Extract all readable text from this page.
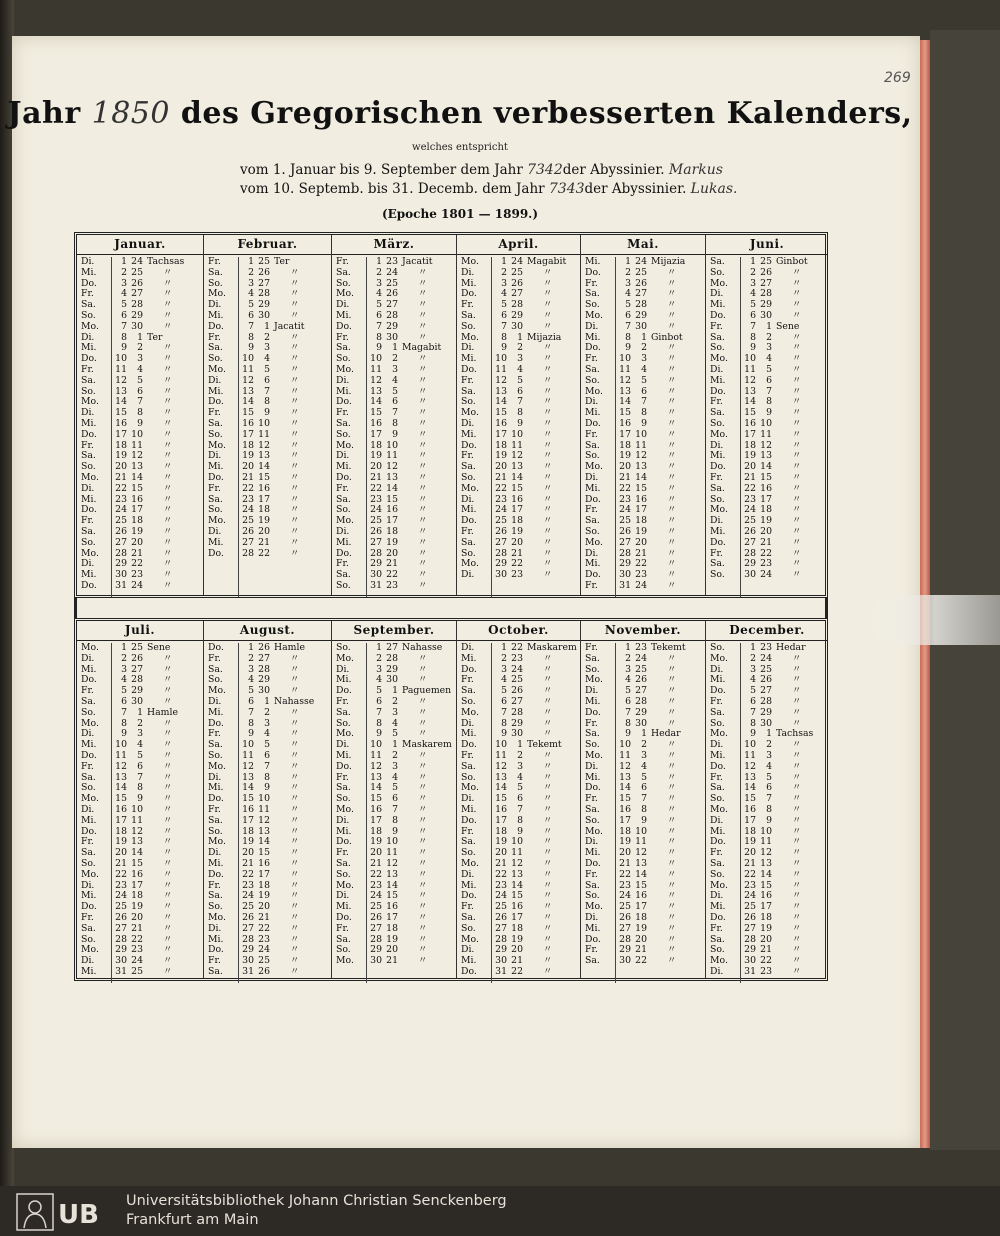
269
Jahr 1850 des Gregorischen verbesserten Kalenders,
welches entspricht
vom 1. Januar bis 9. September dem Jahr 7342der Abyssinier. Markus
vom 10. Septemb. bis 31. Decemb. dem Jahr 7343der Abyssinier. Lukas.
(Epoche 1801 — 1899.)
Januar.
Di.	1 24 Tachsas
Mi.	2 25 〃
Do.	3 26 〃
Fr.	4 27 〃
Sa.	5 28 〃
So.	6 29 〃
Mo.	7 30 〃
Di.	8	1 Ter
Mi.	9	2 〃
Do. 10	3 〃
Fr. 11	4 〃
Sa. 12	5 〃
So. 13	6 〃
Mo. 14	7 〃
Di. 15	8 〃
Mi. 16	9 〃
Do. 17 10 〃
Fr. 18 11 〃
Sa. 19 12 〃
So. 20 13 〃
Mo. 21 14 〃
Di. 22 15 〃
Mi. 23 16 〃
Do. 24 17 〃
Fr. 25 18 〃
Sa. 26 19 〃
So. 27 20 〃
Mo. 28 21 〃
Di. 29 22 〃
Mi. 30 23 〃
Do. 31 24 〃
Februar.
Fr.	1 25 Ter
Sa.	2 26 〃
So.	3 27 〃
Mo.	4 28 〃
Di.	5 29 〃
Mi.	6 30 〃
Do.	7	1 Jacatit
Fr.	8	2 〃
Sa.	9	3 〃
So. 10	4 〃
Mo. 11	5 〃
Di. 12	6 〃
Mi. 13	7 〃
Do. 14	8 〃
Fr. 15	9 〃
Sa. 16 10 〃
So. 17 11 〃
Mo. 18 12 〃
Di. 19 13 〃
Mi. 20 14 〃
Do. 21 15 〃
Fr. 22 16 〃
Sa. 23 17 〃
So. 24 18 〃
Mo. 25 19 〃
Di. 26 20 〃
Mi. 27 21 〃
Do. 28 22 〃
März.
Fr.	1 23 Jacatit
Sa.	2 24 〃
So.	3 25 〃
Mo.	4 26 〃
Di.	5 27 〃
Mi.	6 28 〃
Do.	7 29 〃
Fr.	8 30 〃
Sa.	9	1 Magabit
So. 10	2 〃
Mo. 11	3 〃
Di. 12	4 〃
Mi. 13	5 〃
Do. 14	6 〃
Fr. 15	7 〃
Sa. 16	8 〃
So. 17	9 〃
Mo. 18 10 〃
Di. 19 11 〃
Mi. 20 12 〃
Do. 21 13 〃
Fr. 22 14 〃
Sa. 23 15 〃
So. 24 16 〃
Mo. 25 17 〃
Di. 26 18 〃
Mi. 27 19 〃
Do. 28 20 〃
Fr. 29 21 〃
Sa. 30 22 〃
So. 31 23 〃
April.
Mo.	1 24 Magabit
Di.	2 25 〃
Mi.	3 26 〃
Do.	4 27 〃
Fr.	5 28 〃
Sa.	6 29 〃
So.	7 30 〃
Mo.	8	1 Mijazia
Di.	9	2 〃
Mi. 10	3 〃
Do. 11	4 〃
Fr. 12	5 〃
Sa. 13	6 〃
So. 14	7 〃
Mo. 15	8 〃
Di. 16	9 〃
Mi. 17 10 〃
Do. 18 11 〃
Fr. 19 12 〃
Sa. 20 13 〃
So. 21 14 〃
Mo. 22 15 〃
Di. 23 16 〃
Mi. 24 17 〃
Do. 25 18 〃
Fr. 26 19 〃
Sa. 27 20 〃
So. 28 21 〃
Mo. 29 22 〃
Di. 30 23 〃
Mai.
Mi.	1 24 Mijazia
Do.	2 25 〃
Fr.	3 26 〃
Sa.	4 27 〃
So.	5 28 〃
Mo.	6 29 〃
Di.	7 30 〃
Mi.	8	1 Ginbot
Do.	9	2 〃
Fr. 10	3 〃
Sa. 11	4 〃
So. 12	5 〃
Mo. 13	6 〃
Di. 14	7 〃
Mi. 15	8 〃
Do. 16	9 〃
Fr. 17 10 〃
Sa. 18 11 〃
So. 19 12 〃
Mo. 20 13 〃
Di. 21 14 〃
Mi. 22 15 〃
Do. 23 16 〃
Fr. 24 17 〃
Sa. 25 18 〃
So. 26 19 〃
Mo. 27 20 〃
Di. 28 21 〃
Mi. 29 22 〃
Do. 30 23 〃
Fr. 31 24 〃
Juni.
Sa.	1 25 Ginbot
So.	2 26 〃
Mo.	3 27 〃
Di.	4 28 〃
Mi.	5 29 〃
Do.	6 30 〃
Fr.	7	1 Sene
Sa.	8	2 〃
So.	9	3 〃
Mo. 10	4 〃
Di. 11	5 〃
Mi. 12	6 〃
Do. 13	7 〃
Fr. 14	8 〃
Sa. 15	9 〃
So. 16 10 〃
Mo. 17 11 〃
Di. 18 12 〃
Mi. 19 13 〃
Do. 20 14 〃
Fr. 21 15 〃
Sa. 22 16 〃
So. 23 17 〃
Mo. 24 18 〃
Di. 25 19 〃
Mi. 26 20 〃
Do. 27 21 〃
Fr. 28 22 〃
Sa. 29 23 〃
So. 30 24 〃
Juli.
Mo.	1 25 Sene
Di.	2 26 〃
Mi.	3 27 〃
Do.	4 28 〃
Fr.	5 29 〃
Sa.	6 30 〃
So.	7	1 Hamle
Mo.	8	2 〃
Di.	9	3 〃
Mi. 10	4 〃
Do. 11	5 〃
Fr. 12	6 〃
Sa. 13	7 〃
So. 14	8 〃
Mo. 15	9 〃
Di. 16 10 〃
Mi. 17 11 〃
Do. 18 12 〃
Fr. 19 13 〃
Sa. 20 14 〃
So. 21 15 〃
Mo. 22 16 〃
Di. 23 17 〃
Mi. 24 18 〃
Do. 25 19 〃
Fr. 26 20 〃
Sa. 27 21 〃
So. 28 22 〃
Mo. 29 23 〃
Di. 30 24 〃
Mi. 31 25 〃
August.
Do.	1 26 Hamle
Fr.	2 27 〃
Sa.	3 28 〃
So.	4 29 〃
Mo.	5 30 〃
Di.	6	1 Nahasse
Mi.	7	2 〃
Do.	8	3 〃
Fr.	9	4 〃
Sa. 10	5 〃
So. 11	6 〃
Mo. 12	7 〃
Di. 13	8 〃
Mi. 14	9 〃
Do. 15 10 〃
Fr. 16 11 〃
Sa. 17 12 〃
So. 18 13 〃
Mo. 19 14 〃
Di. 20 15 〃
Mi. 21 16 〃
Do. 22 17 〃
Fr. 23 18 〃
Sa. 24 19 〃
So. 25 20 〃
Mo. 26 21 〃
Di. 27 22 〃
Mi. 28 23 〃
Do. 29 24 〃
Fr. 30 25 〃
Sa. 31 26 〃
September.
So.	1 27 Nahasse
Mo.	2 28 〃
Di.	3 29 〃
Mi.	4 30 〃
Do.	5	1 Paguemen
Fr.	6	2 〃
Sa.	7	3 〃
So.	8	4 〃
Mo.	9	5 〃
Di. 10	1 Maskarem
Mi. 11	2 〃
Do. 12	3 〃
Fr. 13	4 〃
Sa. 14	5 〃
So. 15	6 〃
Mo. 16	7 〃
Di. 17	8 〃
Mi. 18	9 〃
Do. 19 10 〃
Fr. 20 11 〃
Sa. 21 12 〃
So. 22 13 〃
Mo. 23 14 〃
Di. 24 15 〃
Mi. 25 16 〃
Do. 26 17 〃
Fr. 27 18 〃
Sa. 28 19 〃
So. 29 20 〃
Mo. 30 21 〃
October.
Di.	1 22 Maskarem
Mi.	2 23 〃
Do.	3 24 〃
Fr.	4 25 〃
Sa.	5 26 〃
So.	6 27 〃
Mo.	7 28 〃
Di.	8 29 〃
Mi.	9 30 〃
Do. 10	1 Tekemt
Fr. 11	2 〃
Sa. 12	3 〃
So. 13	4 〃
Mo. 14	5 〃
Di. 15	6 〃
Mi. 16	7 〃
Do. 17	8 〃
Fr. 18	9 〃
Sa. 19 10 〃
So. 20 11 〃
Mo. 21 12 〃
Di. 22 13 〃
Mi. 23 14 〃
Do. 24 15 〃
Fr. 25 16 〃
Sa. 26 17 〃
So. 27 18 〃
Mo. 28 19 〃
Di. 29 20 〃
Mi. 30 21 〃
Do. 31 22 〃
November.
Fr.	1 23 Tekemt
Sa.	2 24 〃
So.	3 25 〃
Mo.	4 26 〃
Di.	5 27 〃
Mi.	6 28 〃
Do.	7 29 〃
Fr.	8 30 〃
Sa.	9	1 Hedar
So. 10	2 〃
Mo. 11	3 〃
Di. 12	4 〃
Mi. 13	5 〃
Do. 14	6 〃
Fr. 15	7 〃
Sa. 16	8 〃
So. 17	9 〃
Mo. 18 10 〃
Di. 19 11 〃
Mi. 20 12 〃
Do. 21 13 〃
Fr. 22 14 〃
Sa. 23 15 〃
So. 24 16 〃
Mo. 25 17 〃
Di. 26 18 〃
Mi. 27 19 〃
Do. 28 20 〃
Fr. 29 21 〃
Sa. 30 22 〃
December.
So.	1 23 Hedar
Mo.	2 24 〃
Di.	3 25 〃
Mi.	4 26 〃
Do.	5 27 〃
Fr.	6 28 〃
Sa.	7 29 〃
So.	8 30 〃
Mo.	9	1 Tachsas
Di. 10	2 〃
Mi. 11	3 〃
Do. 12	4 〃
Fr. 13	5 〃
Sa. 14	6 〃
So. 15	7 〃
Mo. 16	8 〃
Di. 17	9 〃
Mi. 18 10 〃
Do. 19 11 〃
Fr. 20 12 〃
Sa. 21 13 〃
So. 22 14 〃
Mo. 23 15 〃
Di. 24 16 〃
Mi. 25 17 〃
Do. 26 18 〃
Fr. 27 19 〃
Sa. 28 20 〃
So. 29 21 〃
Mo. 30 22 〃
Di. 31 23 〃
UB Universitätsbibliothek Johann Christian Senckenberg
Frankfurt am Main
